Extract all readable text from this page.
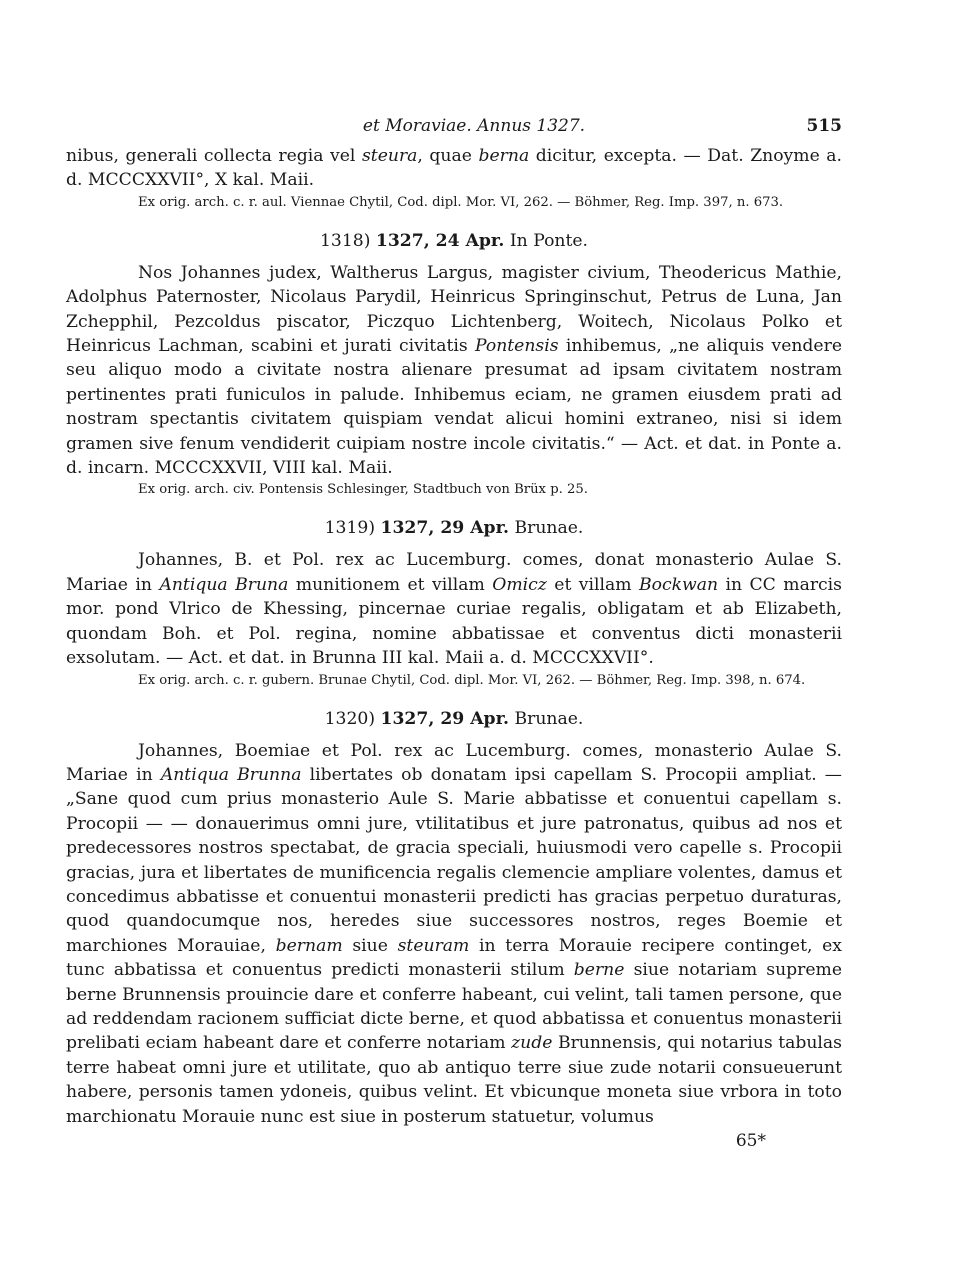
et Moraviae. Annus 1327.	515

nibus, generali collecta regia vel steura, quae berna dicitur, excepta. — Dat. Znoyme a. d. MCCCXXVII°, X kal. Maii.

Ex orig. arch. c. r. aul. Viennae Chytil, Cod. dipl. Mor. VI, 262. — Böhmer, Reg. Imp. 397, n. 673.

1318) 1327, 24 Apr. In Ponte.

Nos Johannes judex, Waltherus Largus, magister civium, Theodericus Mathie, Adolphus Paternoster, Nicolaus Parydil, Heinricus Springinschut, Petrus de Luna, Jan Zchepphil, Pezcoldus piscator, Piczquo Lichtenberg, Woitech, Nicolaus Polko et Heinricus Lachman, scabini et jurati civitatis Pontensis inhibemus, „ne aliquis vendere seu aliquo modo a civitate nostra alienare presumat ad ipsam civitatem nostram pertinentes prati funiculos in palude. Inhibemus eciam, ne gramen eiusdem prati ad nostram spectantis civitatem quispiam vendat alicui homini extraneo, nisi si idem gramen sive fenum vendiderit cuipiam nostre incole civitatis.“ — Act. et dat. in Ponte a. d. incarn. MCCCXXVII, VIII kal. Maii.

Ex orig. arch. civ. Pontensis Schlesinger, Stadtbuch von Brüx p. 25.

1319) 1327, 29 Apr. Brunae.

Johannes, B. et Pol. rex ac Lucemburg. comes, donat monasterio Aulae S. Mariae in Antiqua Bruna munitionem et villam Omicz et villam Bockwan in CC marcis mor. pond Vlrico de Khessing, pincernae curiae regalis, obligatam et ab Elizabeth, quondam Boh. et Pol. regina, nomine abbatissae et conventus dicti monasterii exsolutam. — Act. et dat. in Brunna III kal. Maii a. d. MCCCXXVII°.

Ex orig. arch. c. r. gubern. Brunae Chytil, Cod. dipl. Mor. VI, 262. — Böhmer, Reg. Imp. 398, n. 674.

1320) 1327, 29 Apr. Brunae.

Johannes, Boemiae et Pol. rex ac Lucemburg. comes, monasterio Aulae S. Mariae in Antiqua Brunna libertates ob donatam ipsi capellam S. Procopii ampliat. — „Sane quod cum prius monasterio Aule S. Marie abbatisse et conuentui capellam s. Procopii — — donauerimus omni jure, vtilitatibus et jure patronatus, quibus ad nos et predecessores nostros spectabat, de gracia speciali, huiusmodi vero capelle s. Procopii gracias, jura et libertates de munificencia regalis clemencie ampliare volentes, damus et concedimus abbatisse et conuentui monasterii predicti has gracias perpetuo duraturas, quod quandocumque nos, heredes siue successores nostros, reges Boemie et marchiones Morauiae, bernam siue steuram in terra Morauie recipere continget, ex tunc abbatissa et conuentus predicti monasterii stilum berne siue notariam supreme berne Brunnensis prouincie dare et conferre habeant, cui velint, tali tamen persone, que ad reddendam racionem sufficiat dicte berne, et quod abbatissa et conuentus monasterii prelibati eciam habeant dare et conferre notariam zude Brunnensis, qui notarius tabulas terre habeat omni jure et utilitate, quo ab antiquo terre siue zude notarii consueuerunt habere, personis tamen ydoneis, quibus velint. Et vbicunque moneta siue vrbora in toto marchionatu Morauie nunc est siue in posterum statuetur, volumus

65*
